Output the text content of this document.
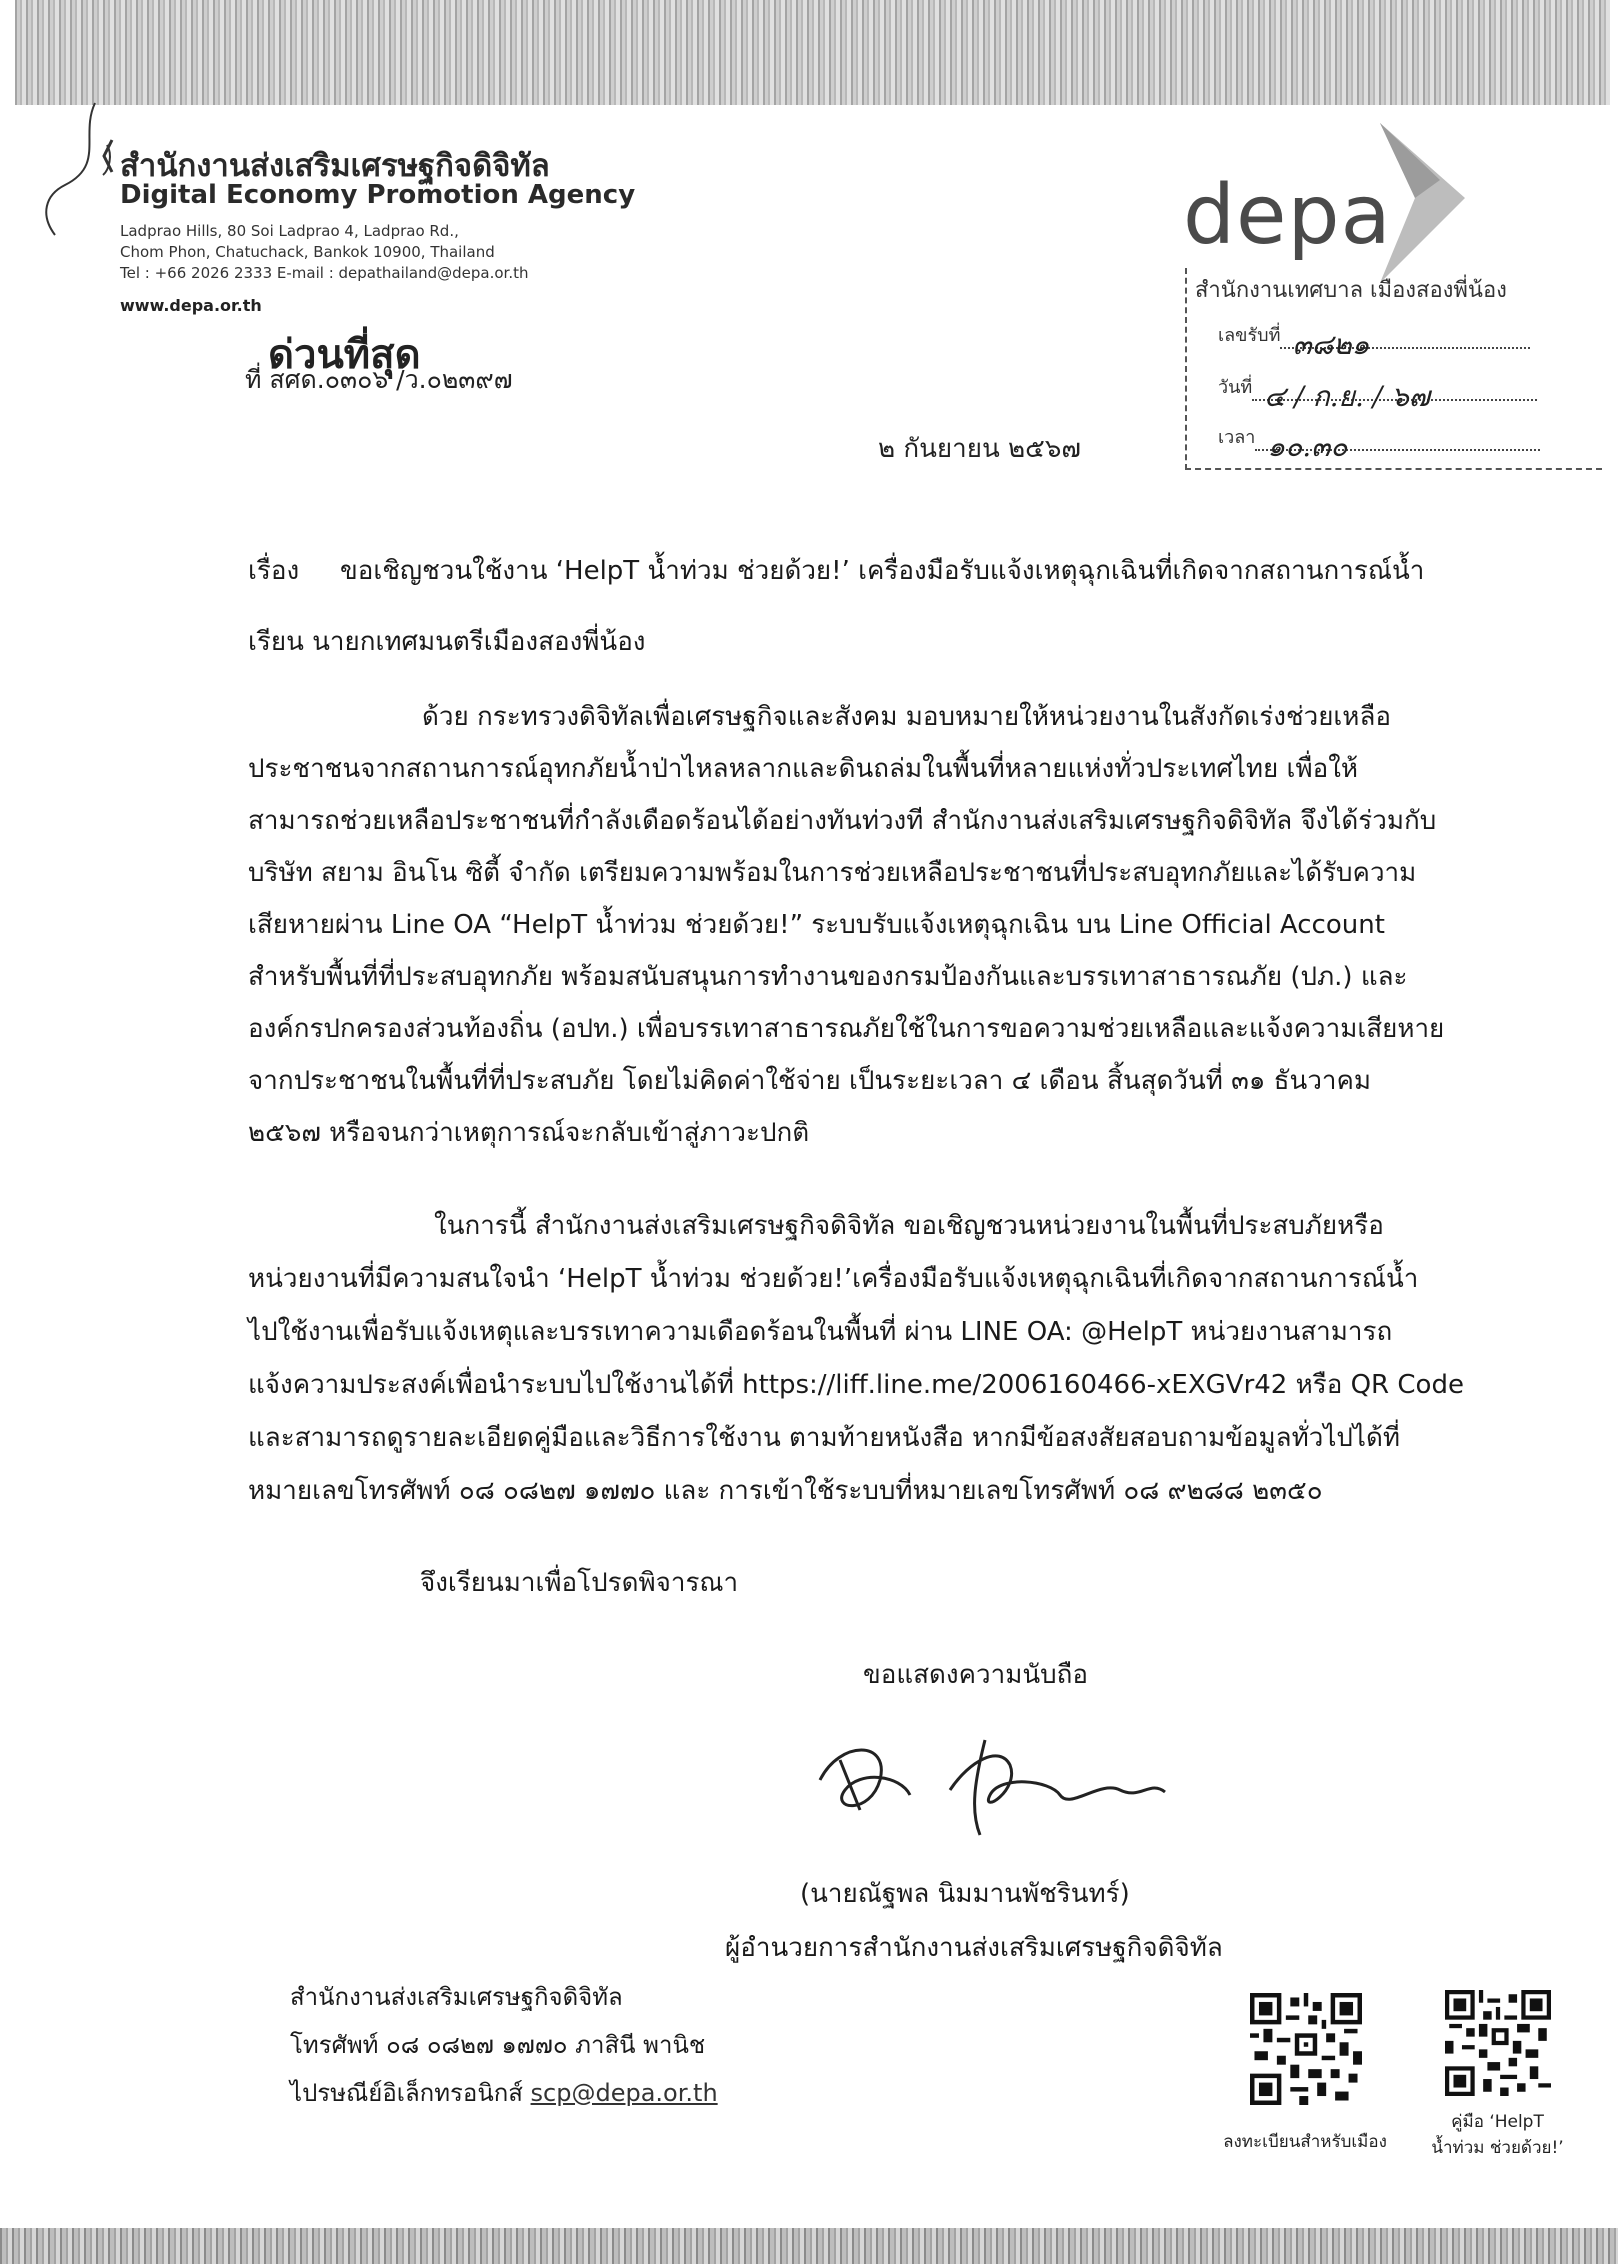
สำนักงานส่งเสริมเศรษฐกิจดิจิทัล
Digital Economy Promotion Agency
Ladprao Hills, 80 Soi Ladprao 4, Ladprao Rd.,
Chom Phon, Chatuchack, Bankok 10900, Thailand
Tel : +66 2026 2333 E-mail : depathailand@depa.or.th
www.depa.or.th
depa
สำนักงานเทศบาล เมืองสองพี่น้อง
เลขรับที่ ๓๘๒๑
วันที่ ๔ / ก.ย. / ๖๗
เวลา ๑๐.๓๐
ด่วนที่สุด
ที่ สศด.๐๓๐๖ /ว.๐๒๓๙๗
๒ กันยายน ๒๕๖๗
เรื่อง ขอเชิญชวนใช้งาน ‘HelpT น้ำท่วม ช่วยด้วย!’ เครื่องมือรับแจ้งเหตุฉุกเฉินที่เกิดจากสถานการณ์น้ำ
เรียน นายกเทศมนตรีเมืองสองพี่น้อง
ด้วย กระทรวงดิจิทัลเพื่อเศรษฐกิจและสังคม มอบหมายให้หน่วยงานในสังกัดเร่งช่วยเหลือ
ประชาชนจากสถานการณ์อุทกภัยน้ำป่าไหลหลากและดินถล่มในพื้นที่หลายแห่งทั่วประเทศไทย เพื่อให้
สามารถช่วยเหลือประชาชนที่กำลังเดือดร้อนได้อย่างทันท่วงที สำนักงานส่งเสริมเศรษฐกิจดิจิทัล จึงได้ร่วมกับ
บริษัท สยาม อินโน ซิตี้ จำกัด เตรียมความพร้อมในการช่วยเหลือประชาชนที่ประสบอุทกภัยและได้รับความ
เสียหายผ่าน Line OA “HelpT น้ำท่วม ช่วยด้วย!” ระบบรับแจ้งเหตุฉุกเฉิน บน Line Official Account
สำหรับพื้นที่ที่ประสบอุทกภัย พร้อมสนับสนุนการทำงานของกรมป้องกันและบรรเทาสาธารณภัย (ปภ.) และ
องค์กรปกครองส่วนท้องถิ่น (อปท.) เพื่อบรรเทาสาธารณภัยใช้ในการขอความช่วยเหลือและแจ้งความเสียหาย
จากประชาชนในพื้นที่ที่ประสบภัย โดยไม่คิดค่าใช้จ่าย เป็นระยะเวลา ๔ เดือน สิ้นสุดวันที่ ๓๑ ธันวาคม
๒๕๖๗ หรือจนกว่าเหตุการณ์จะกลับเข้าสู่ภาวะปกติ
ในการนี้ สำนักงานส่งเสริมเศรษฐกิจดิจิทัล ขอเชิญชวนหน่วยงานในพื้นที่ประสบภัยหรือ
หน่วยงานที่มีความสนใจนำ ‘HelpT น้ำท่วม ช่วยด้วย!’เครื่องมือรับแจ้งเหตุฉุกเฉินที่เกิดจากสถานการณ์น้ำ
ไปใช้งานเพื่อรับแจ้งเหตุและบรรเทาความเดือดร้อนในพื้นที่ ผ่าน LINE OA: @HelpT หน่วยงานสามารถ
แจ้งความประสงค์เพื่อนำระบบไปใช้งานได้ที่ https://liff.line.me/2006160466-xEXGVr42 หรือ QR Code
และสามารถดูรายละเอียดคู่มือและวิธีการใช้งาน ตามท้ายหนังสือ หากมีข้อสงสัยสอบถามข้อมูลทั่วไปได้ที่
หมายเลขโทรศัพท์ ๐๘ ๐๘๒๗ ๑๗๗๐ และ การเข้าใช้ระบบที่หมายเลขโทรศัพท์ ๐๘ ๙๒๘๘ ๒๓๕๐
จึงเรียนมาเพื่อโปรดพิจารณา
ขอแสดงความนับถือ
(นายณัฐพล นิมมานพัชรินทร์)
ผู้อำนวยการสำนักงานส่งเสริมเศรษฐกิจดิจิทัล
สำนักงานส่งเสริมเศรษฐกิจดิจิทัล
โทรศัพท์ ๐๘ ๐๘๒๗ ๑๗๗๐ ภาสินี พานิช
ไปรษณีย์อิเล็กทรอนิกส์ scp@depa.or.th
ลงทะเบียนสำหรับเมือง
คู่มือ ‘HelpT
น้ำท่วม ช่วยด้วย!’
